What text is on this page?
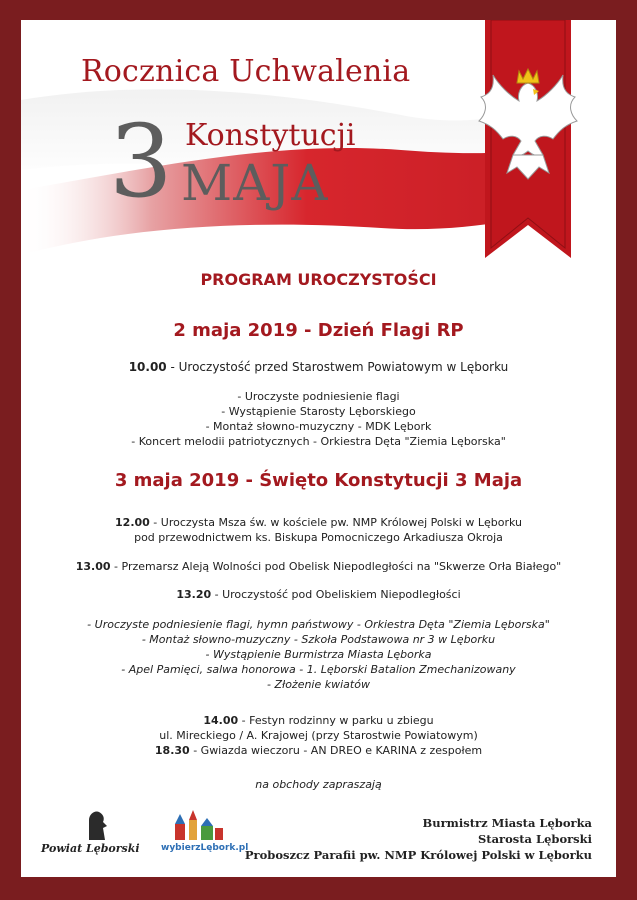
Rocznica Uchwalenia
3 Konstytucji
MAJA
PROGRAM UROCZYSTOŚCI
2 maja 2019 - Dzień Flagi RP
10.00 - Uroczystość przed Starostwem Powiatowym w Lęborku
- Uroczyste podniesienie flagi
- Wystąpienie Starosty Lęborskiego
- Montaż słowno-muzyczny - MDK Lębork
- Koncert melodii patriotycznych - Orkiestra Dęta "Ziemia Lęborska"
3 maja 2019 - Święto Konstytucji 3 Maja
12.00 - Uroczysta Msza św. w kościele pw. NMP Królowej Polski w Lęborku
pod przewodnictwem ks. Biskupa Pomocniczego Arkadiusza Okroja
13.00 - Przemarsz Aleją Wolności pod Obelisk Niepodległości na "Skwerze Orła Białego"
13.20 - Uroczystość pod Obeliskiem Niepodległości
- Uroczyste podniesienie flagi, hymn państwowy - Orkiestra Dęta "Ziemia Lęborska"
- Montaż słowno-muzyczny - Szkoła Podstawowa nr 3 w Lęborku
- Wystąpienie Burmistrza Miasta Lęborka
- Apel Pamięci, salwa honorowa - 1. Lęborski Batalion Zmechanizowany
- Złożenie kwiatów
14.00 - Festyn rodzinny w parku u zbiegu
ul. Mireckiego / A. Krajowej (przy Starostwie Powiatowym)
18.30 - Gwiazda wieczoru - AN DREO e KARINA z zespołem
na obchody zapraszają
Powiat Lęborski wybierzLębork.pl
Burmistrz Miasta Lęborka
Starosta Lęborski
Proboszcz Parafii pw. NMP Królowej Polski w Lęborku
